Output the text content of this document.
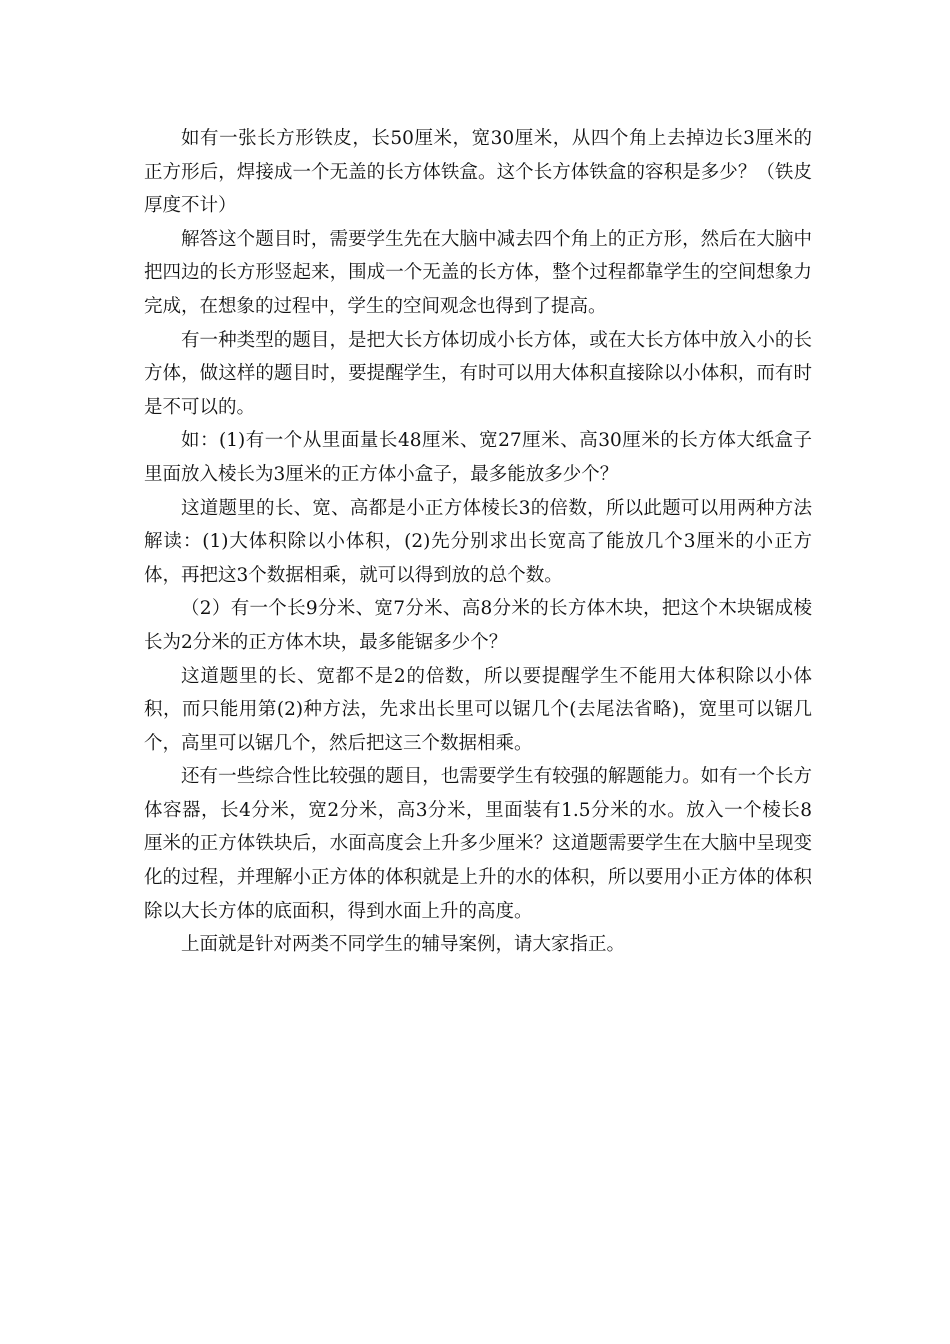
如有一张长方形铁皮，长50厘米，宽30厘米，从四个角上去掉边长3厘米的正方形后，焊接成一个无盖的长方体铁盒。这个长方体铁盒的容积是多少？（铁皮厚度不计）

解答这个题目时，需要学生先在大脑中减去四个角上的正方形，然后在大脑中把四边的长方形竖起来，围成一个无盖的长方体，整个过程都靠学生的空间想象力完成，在想象的过程中，学生的空间观念也得到了提高。

有一种类型的题目，是把大长方体切成小长方体，或在大长方体中放入小的长方体，做这样的题目时，要提醒学生，有时可以用大体积直接除以小体积，而有时是不可以的。

如：(1)有一个从里面量长48厘米、宽27厘米、高30厘米的长方体大纸盒子里面放入棱长为3厘米的正方体小盒子，最多能放多少个？

这道题里的长、宽、高都是小正方体棱长3的倍数，所以此题可以用两种方法解读：(1)大体积除以小体积，(2)先分别求出长宽高了能放几个3厘米的小正方体，再把这3个数据相乘，就可以得到放的总个数。

（2）有一个长9分米、宽7分米、高8分米的长方体木块，把这个木块锯成棱长为2分米的正方体木块，最多能锯多少个？

这道题里的长、宽都不是2的倍数，所以要提醒学生不能用大体积除以小体积，而只能用第(2)种方法，先求出长里可以锯几个(去尾法省略)，宽里可以锯几个，高里可以锯几个，然后把这三个数据相乘。

还有一些综合性比较强的题目，也需要学生有较强的解题能力。如有一个长方体容器，长4分米，宽2分米，高3分米，里面装有1.5分米的水。放入一个棱长8厘米的正方体铁块后，水面高度会上升多少厘米？这道题需要学生在大脑中呈现变化的过程，并理解小正方体的体积就是上升的水的体积，所以要用小正方体的体积除以大长方体的底面积，得到水面上升的高度。

上面就是针对两类不同学生的辅导案例，请大家指正。
